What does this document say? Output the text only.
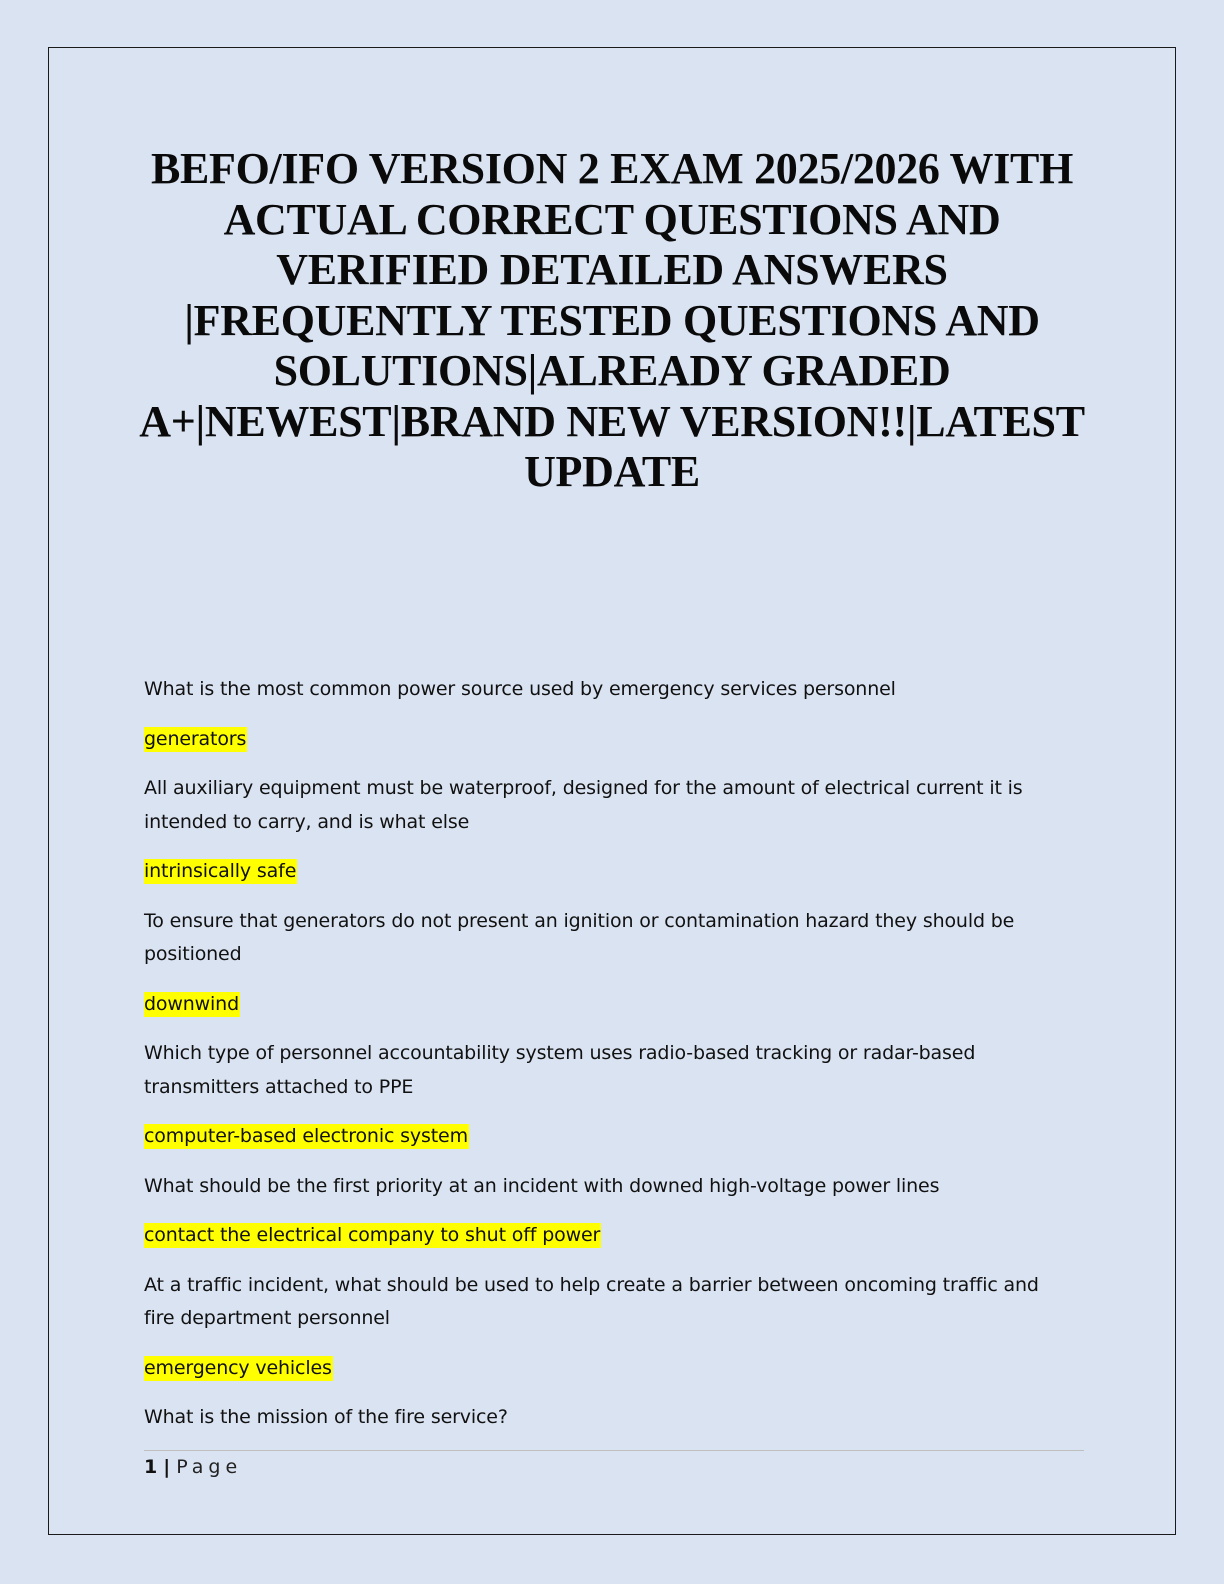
BEFO/IFO VERSION 2 EXAM 2025/2026 WITH
ACTUAL CORRECT QUESTIONS AND
VERIFIED DETAILED ANSWERS
|FREQUENTLY TESTED QUESTIONS AND
SOLUTIONS|ALREADY GRADED
A+|NEWEST|BRAND NEW VERSION!!|LATEST
UPDATE

What is the most common power source used by emergency services personnel

generators

All auxiliary equipment must be waterproof, designed for the amount of electrical current it is
intended to carry, and is what else

intrinsically safe

To ensure that generators do not present an ignition or contamination hazard they should be
positioned

downwind

Which type of personnel accountability system uses radio-based tracking or radar-based
transmitters attached to PPE

computer-based electronic system

What should be the first priority at an incident with downed high-voltage power lines

contact the electrical company to shut off power

At a traffic incident, what should be used to help create a barrier between oncoming traffic and
fire department personnel

emergency vehicles

What is the mission of the fire service?

1 | Page
